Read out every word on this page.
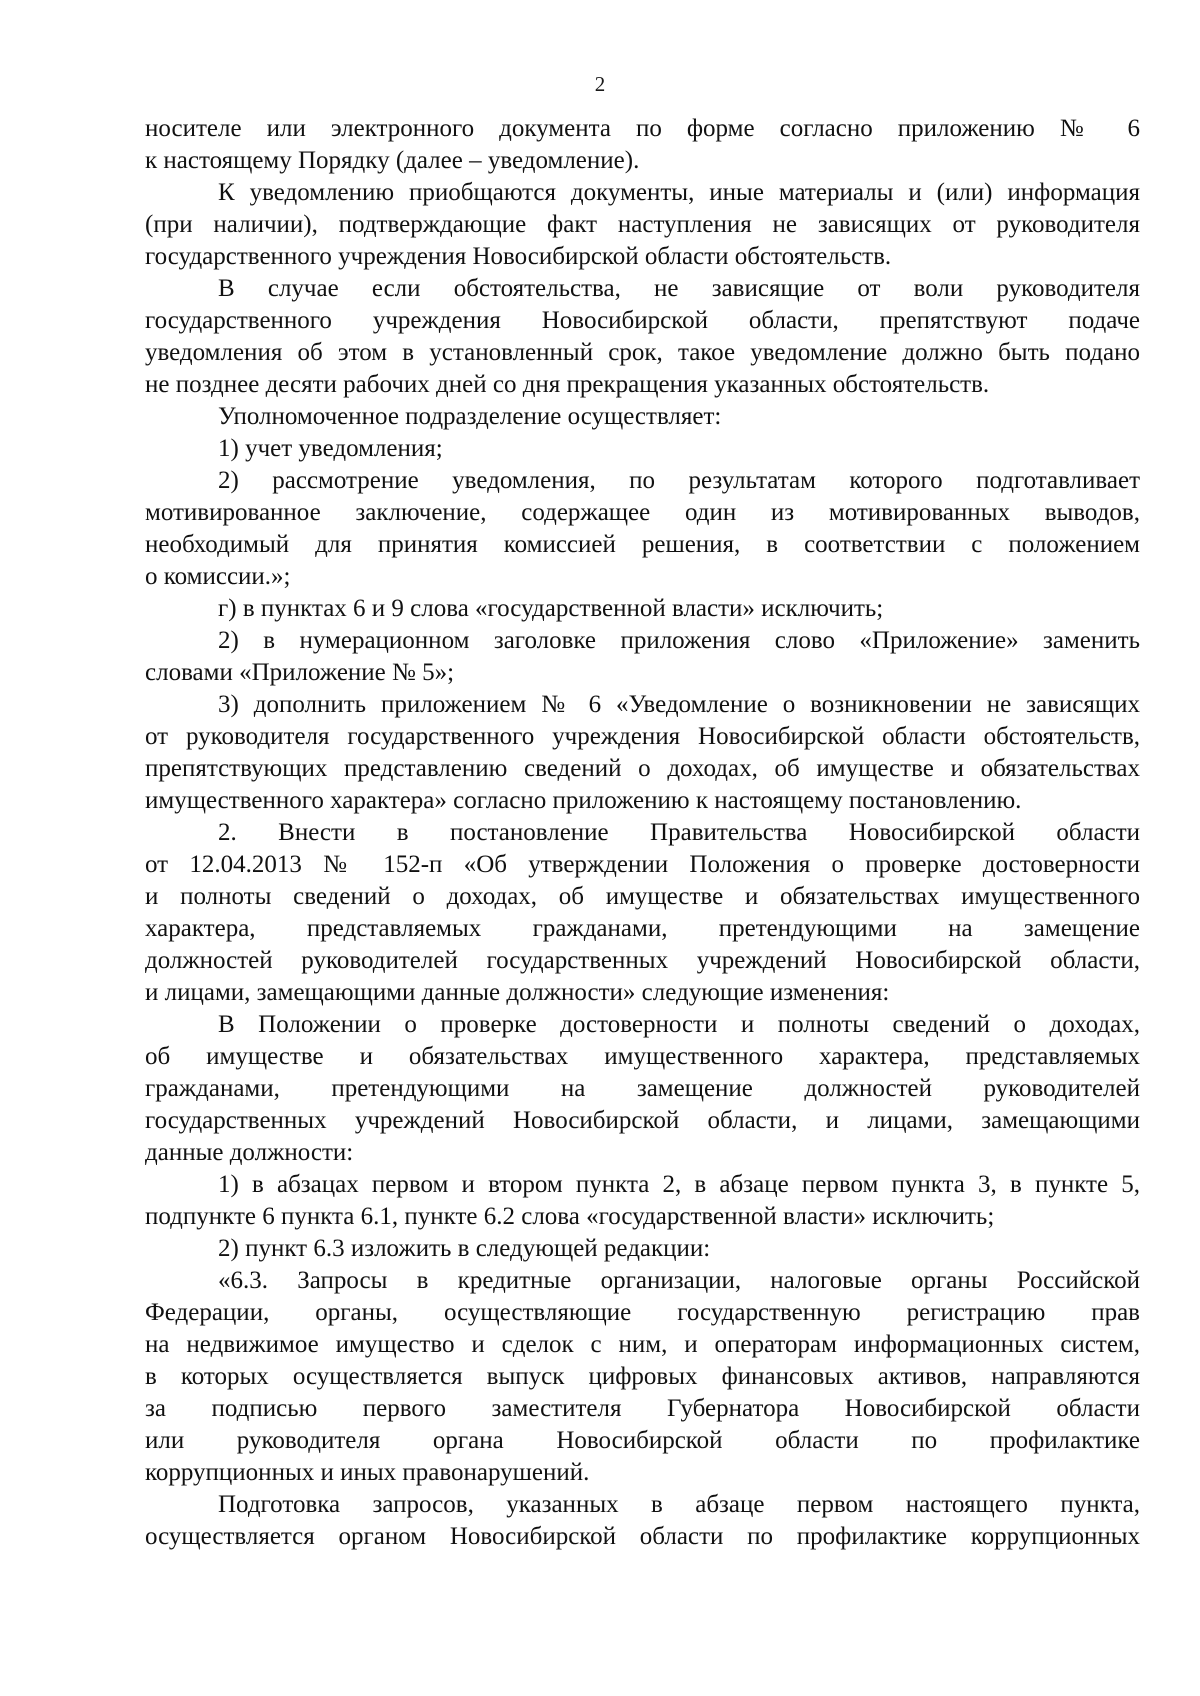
2
носителе или электронного документа по форме согласно приложению № 6
к настоящему Порядку (далее – уведомление).
К уведомлению приобщаются документы, иные материалы и (или) информация
(при наличии), подтверждающие факт наступления не зависящих от руководителя
государственного учреждения Новосибирской области обстоятельств.
В случае если обстоятельства, не зависящие от воли руководителя
государственного учреждения Новосибирской области, препятствуют подаче
уведомления об этом в установленный срок, такое уведомление должно быть подано
не позднее десяти рабочих дней со дня прекращения указанных обстоятельств.
Уполномоченное подразделение осуществляет:
1) учет уведомления;
2) рассмотрение уведомления, по результатам которого подготавливает
мотивированное заключение, содержащее один из мотивированных выводов,
необходимый для принятия комиссией решения, в соответствии с положением
о комиссии.»;
г) в пунктах 6 и 9 слова «государственной власти» исключить;
2) в нумерационном заголовке приложения слово «Приложение» заменить
словами «Приложение № 5»;
3) дополнить приложением № 6 «Уведомление о возникновении не зависящих
от руководителя государственного учреждения Новосибирской области обстоятельств,
препятствующих представлению сведений о доходах, об имуществе и обязательствах
имущественного характера» согласно приложению к настоящему постановлению.
2. Внести в постановление Правительства Новосибирской области
от 12.04.2013 № 152-п «Об утверждении Положения о проверке достоверности
и полноты сведений о доходах, об имуществе и обязательствах имущественного
характера, представляемых гражданами, претендующими на замещение
должностей руководителей государственных учреждений Новосибирской области,
и лицами, замещающими данные должности» следующие изменения:
В Положении о проверке достоверности и полноты сведений о доходах,
об имуществе и обязательствах имущественного характера, представляемых
гражданами, претендующими на замещение должностей руководителей
государственных учреждений Новосибирской области, и лицами, замещающими
данные должности:
1) в абзацах первом и втором пункта 2, в абзаце первом пункта 3, в пункте 5,
подпункте 6 пункта 6.1, пункте 6.2 слова «государственной власти» исключить;
2) пункт 6.3 изложить в следующей редакции:
«6.3. Запросы в кредитные организации, налоговые органы Российской
Федерации, органы, осуществляющие государственную регистрацию прав
на недвижимое имущество и сделок с ним, и операторам информационных систем,
в которых осуществляется выпуск цифровых финансовых активов, направляются
за подписью первого заместителя Губернатора Новосибирской области
или руководителя органа Новосибирской области по профилактике
коррупционных и иных правонарушений.
Подготовка запросов, указанных в абзаце первом настоящего пункта,
осуществляется органом Новосибирской области по профилактике коррупционных
